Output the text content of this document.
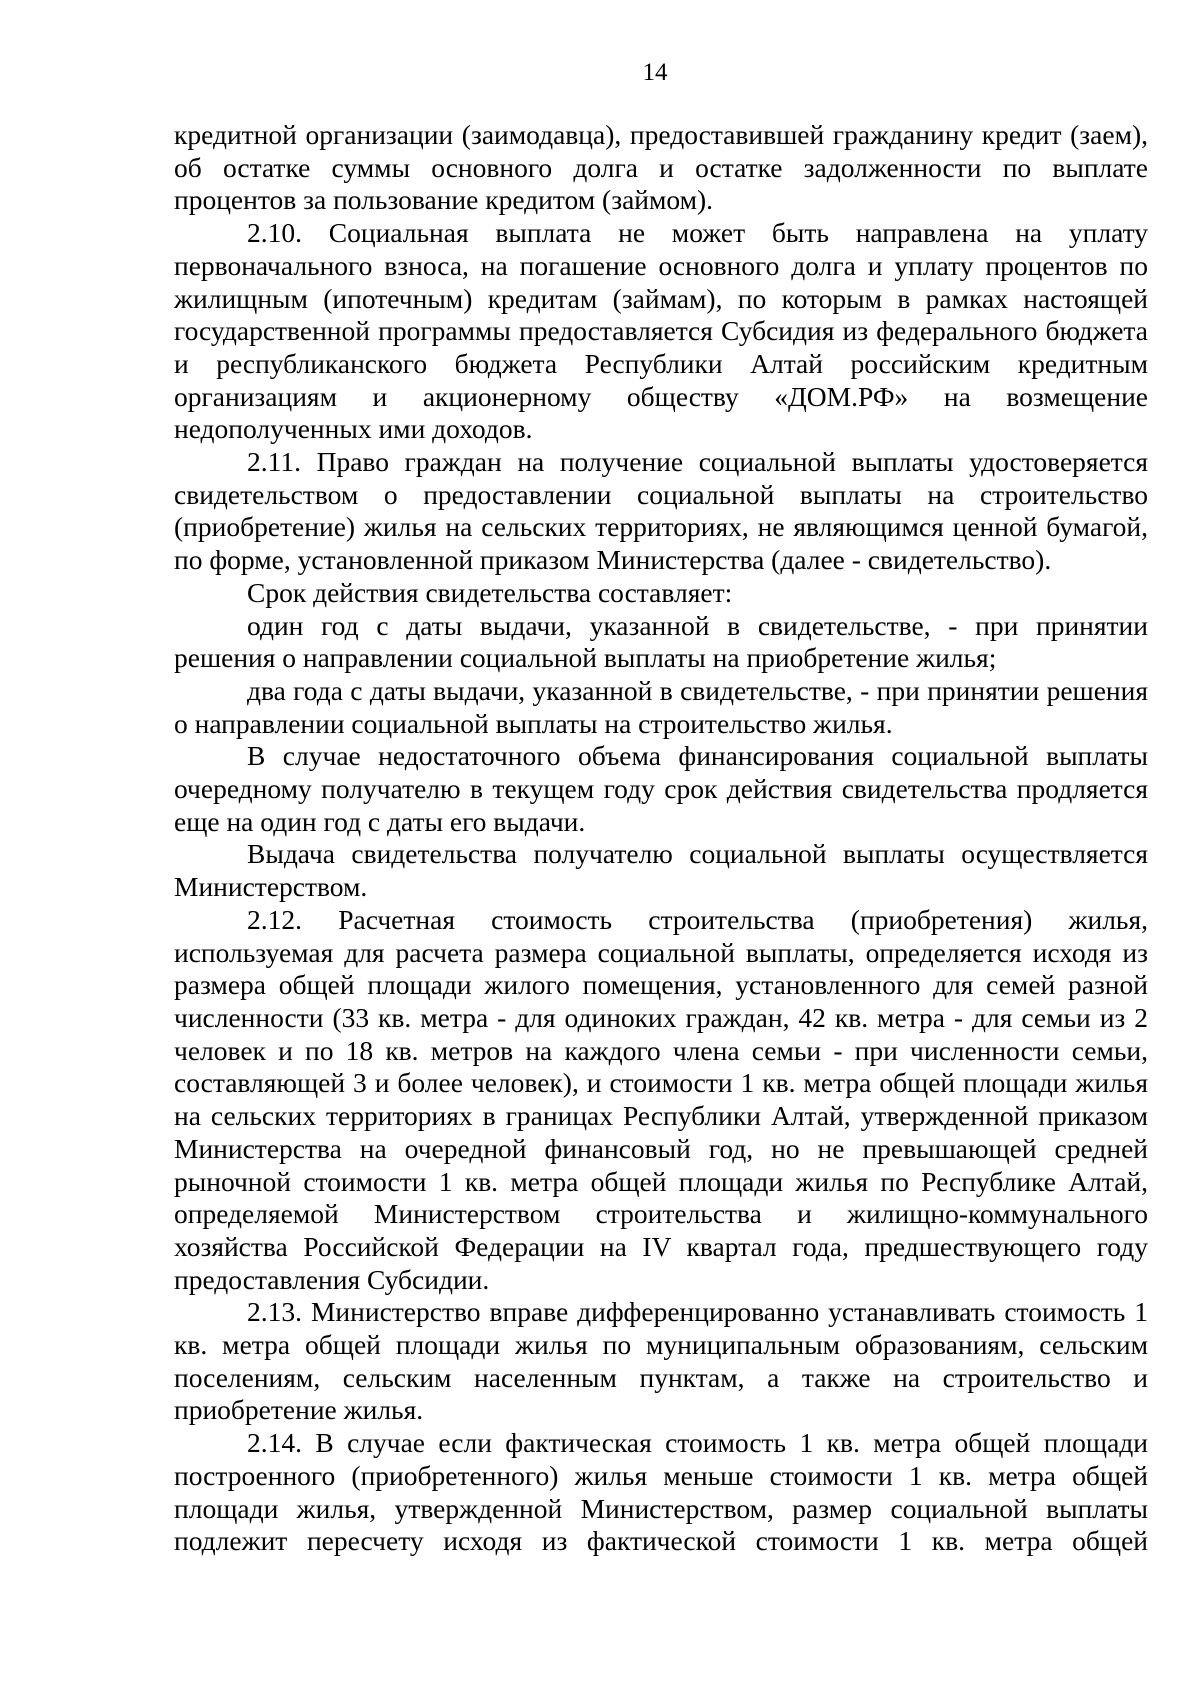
14

кредитной организации (заимодавца), предоставившей гражданину кредит (заем), об остатке суммы основного долга и остатке задолженности по выплате процентов за пользование кредитом (займом).

2.10. Социальная выплата не может быть направлена на уплату первоначального взноса, на погашение основного долга и уплату процентов по жилищным (ипотечным) кредитам (займам), по которым в рамках настоящей государственной программы предоставляется Субсидия из федерального бюджета и республиканского бюджета Республики Алтай российским кредитным организациям и акционерному обществу «ДОМ.РФ» на возмещение недополученных ими доходов.

2.11. Право граждан на получение социальной выплаты удостоверяется свидетельством о предоставлении социальной выплаты на строительство (приобретение) жилья на сельских территориях, не являющимся ценной бумагой, по форме, установленной приказом Министерства (далее - свидетельство).

Срок действия свидетельства составляет:

один год с даты выдачи, указанной в свидетельстве, - при принятии решения о направлении социальной выплаты на приобретение жилья;

два года с даты выдачи, указанной в свидетельстве, - при принятии решения о направлении социальной выплаты на строительство жилья.

В случае недостаточного объема финансирования социальной выплаты очередному получателю в текущем году срок действия свидетельства продляется еще на один год с даты его выдачи.

Выдача свидетельства получателю социальной выплаты осуществляется Министерством.

2.12. Расчетная стоимость строительства (приобретения) жилья, используемая для расчета размера социальной выплаты, определяется исходя из размера общей площади жилого помещения, установленного для семей разной численности (33 кв. метра - для одиноких граждан, 42 кв. метра - для семьи из 2 человек и по 18 кв. метров на каждого члена семьи - при численности семьи, составляющей 3 и более человек), и стоимости 1 кв. метра общей площади жилья на сельских территориях в границах Республики Алтай, утвержденной приказом Министерства на очередной финансовый год, но не превышающей средней рыночной стоимости 1 кв. метра общей площади жилья по Республике Алтай, определяемой Министерством строительства и жилищно-коммунального хозяйства Российской Федерации на IV квартал года, предшествующего году предоставления Субсидии.

2.13. Министерство вправе дифференцированно устанавливать стоимость 1 кв. метра общей площади жилья по муниципальным образованиям, сельским поселениям, сельским населенным пунктам, а также на строительство и приобретение жилья.

2.14. В случае если фактическая стоимость 1 кв. метра общей площади построенного (приобретенного) жилья меньше стоимости 1 кв. метра общей площади жилья, утвержденной Министерством, размер социальной выплаты подлежит пересчету исходя из фактической стоимости 1 кв. метра общей
